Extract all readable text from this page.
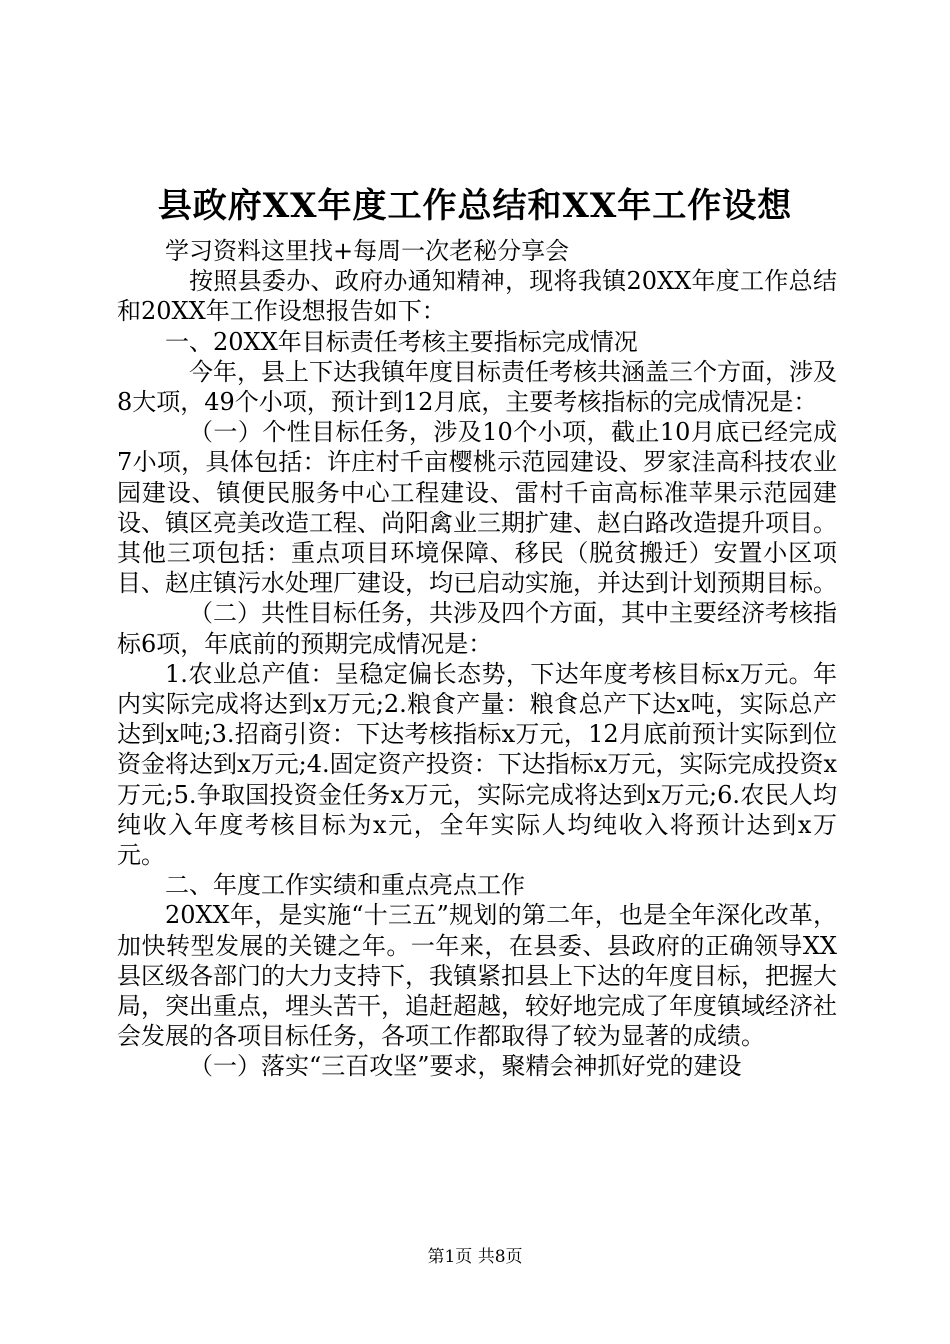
县政府XX年度工作总结和XX年工作设想

学习资料这里找+每周一次老秘分享会

按照县委办、政府办通知精神，现将我镇20XX年度工作总结和20XX年工作设想报告如下：

一、20XX年目标责任考核主要指标完成情况

今年，县上下达我镇年度目标责任考核共涵盖三个方面，涉及8大项，49个小项，预计到12月底，主要考核指标的完成情况是：

（一）个性目标任务，涉及10个小项，截止10月底已经完成7小项，具体包括：许庄村千亩樱桃示范园建设、罗家洼高科技农业园建设、镇便民服务中心工程建设、雷村千亩高标准苹果示范园建设、镇区亮美改造工程、尚阳禽业三期扩建、赵白路改造提升项目。其他三项包括：重点项目环境保障、移民（脱贫搬迁）安置小区项目、赵庄镇污水处理厂建设，均已启动实施，并达到计划预期目标。

（二）共性目标任务，共涉及四个方面，其中主要经济考核指标6项，年底前的预期完成情况是：

1.农业总产值：呈稳定偏长态势，下达年度考核目标x万元。年内实际完成将达到x万元;2.粮食产量：粮食总产下达x吨，实际总产达到x吨;3.招商引资：下达考核指标x万元，12月底前预计实际到位资金将达到x万元;4.固定资产投资：下达指标x万元，实际完成投资x万元;5.争取国投资金任务x万元，实际完成将达到x万元;6.农民人均纯收入年度考核目标为x元，全年实际人均纯收入将预计达到x万元。

二、年度工作实绩和重点亮点工作

20XX年，是实施“十三五”规划的第二年，也是全年深化改革，加快转型发展的关键之年。一年来，在县委、县政府的正确领导XX县区级各部门的大力支持下，我镇紧扣县上下达的年度目标，把握大局，突出重点，埋头苦干，追赶超越，较好地完成了年度镇域经济社会发展的各项目标任务，各项工作都取得了较为显著的成绩。

（一）落实“三百攻坚”要求，聚精会神抓好党的建设

第1页 共8页
